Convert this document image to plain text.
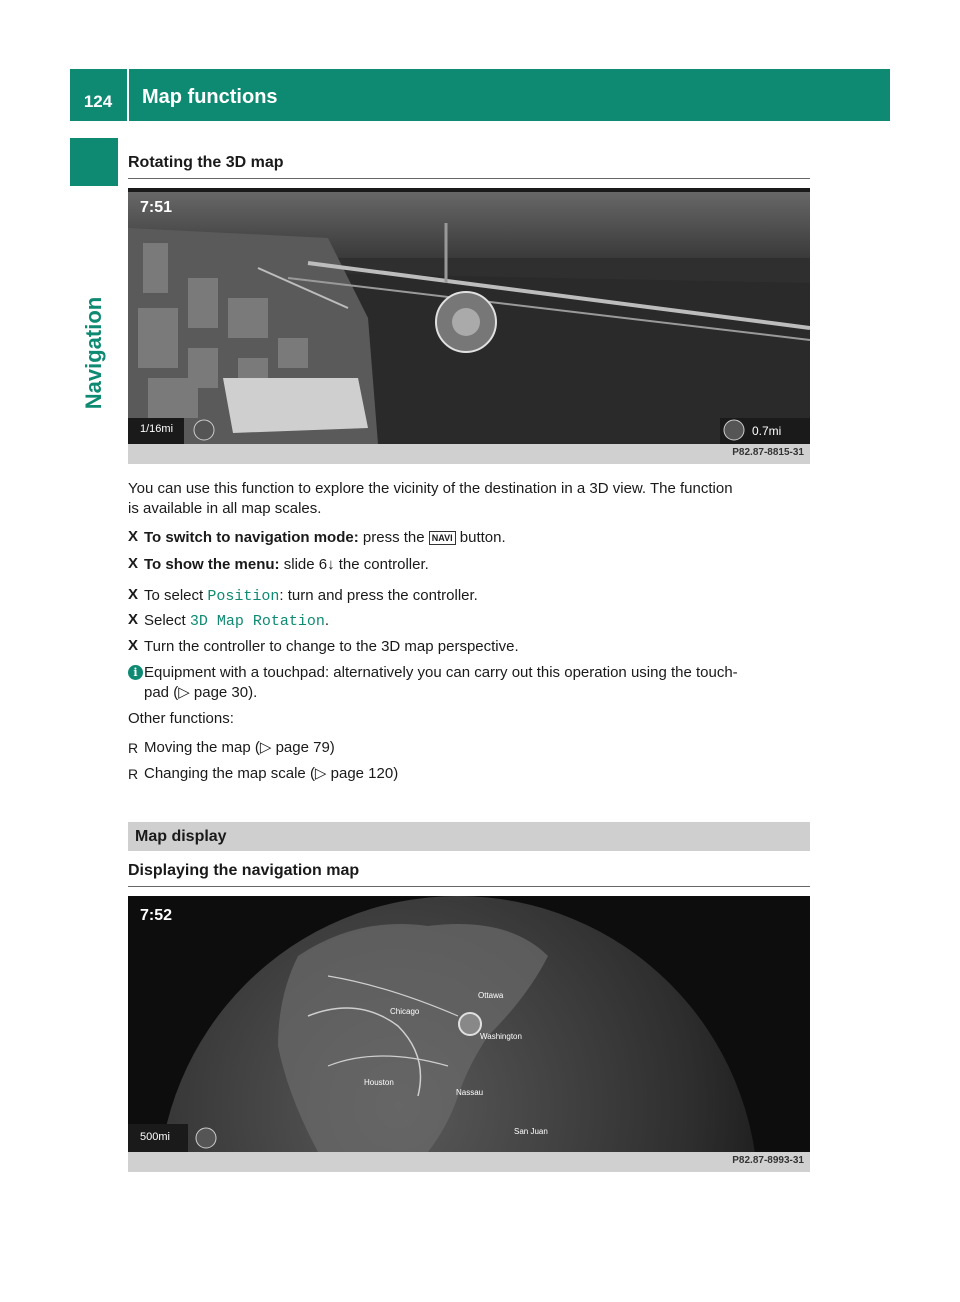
124	Map functions
Navigation
Rotating the 3D map
7:51
1/16mi	0.7mi
P82.87-8815-31
You can use this function to explore the vicinity of the destination in a 3D view. The function
is available in all map scales.
X To switch to navigation mode: press the NAVI button.
X To show the menu: slide 6↓ the controller.
X To select Position: turn and press the controller.
X Select 3D Map Rotation.
X Turn the controller to change to the 3D map perspective.
i Equipment with a touchpad: alternatively you can carry out this operation using the touch-
pad (▷ page 30).
Other functions:
R Moving the map (▷ page 79)
R Changing the map scale (▷ page 120)
Map display
Displaying the navigation map
Chicago
Ottawa
Washington
Houston
Nassau
San Juan
7:52
500mi
P82.87-8993-31
